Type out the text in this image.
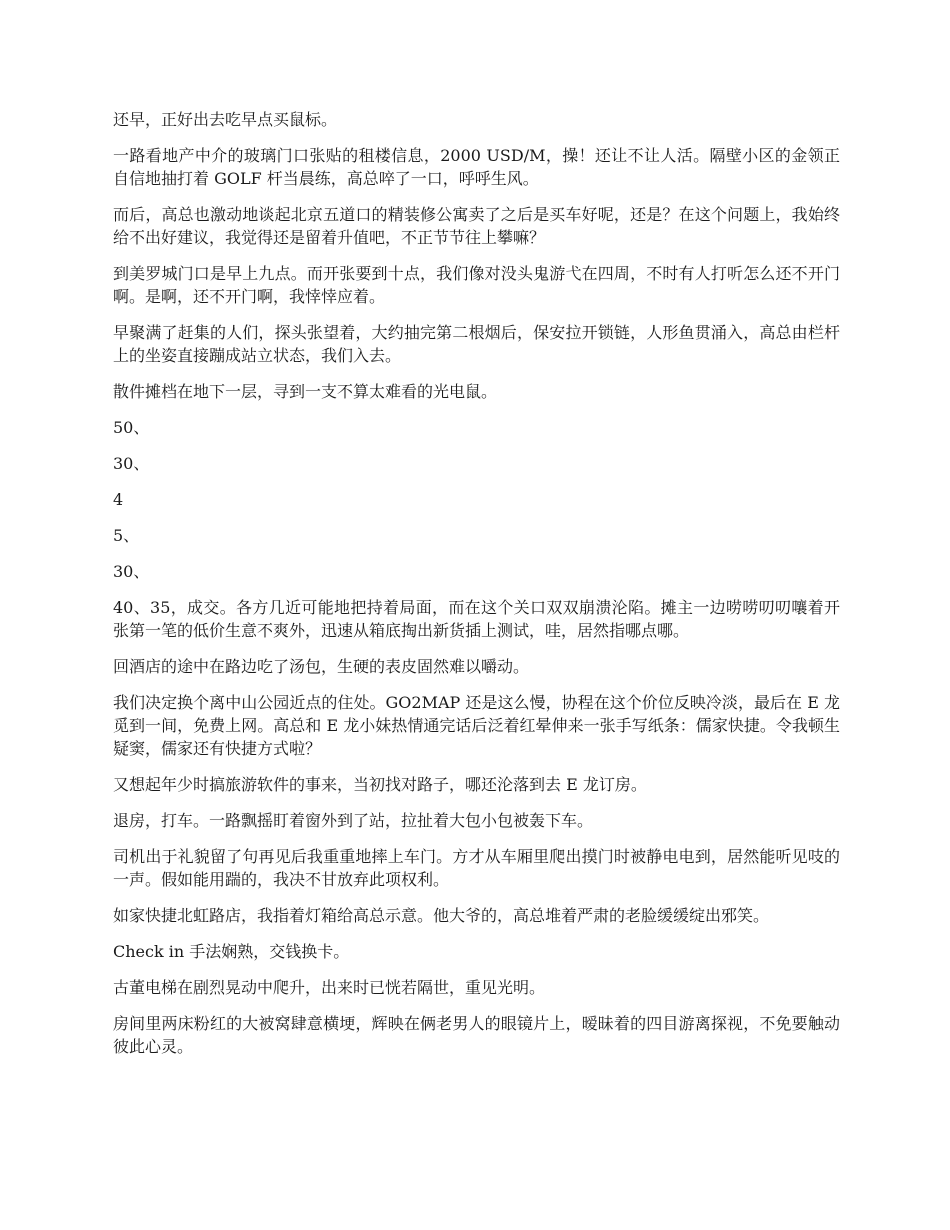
还早，正好出去吃早点买鼠标。

一路看地产中介的玻璃门口张贴的租楼信息，2000 USD/M，操！还让不让人活。隔壁小区的金领正自信地抽打着 GOLF 杆当晨练，高总啐了一口，呼呼生风。

而后，高总也激动地谈起北京五道口的精装修公寓卖了之后是买车好呢，还是？在这个问题上，我始终给不出好建议，我觉得还是留着升值吧，不正节节往上攀嘛？

到美罗城门口是早上九点。而开张要到十点，我们像对没头鬼游弋在四周，不时有人打听怎么还不开门啊。是啊，还不开门啊，我悻悻应着。

早聚满了赶集的人们，探头张望着，大约抽完第二根烟后，保安拉开锁链，人形鱼贯涌入，高总由栏杆上的坐姿直接蹦成站立状态，我们入去。

散件摊档在地下一层，寻到一支不算太难看的光电鼠。

50、

30、

4

5、

30、

40、35，成交。各方几近可能地把持着局面，而在这个关口双双崩溃沦陷。摊主一边唠唠叨叨嚷着开张第一笔的低价生意不爽外，迅速从箱底掏出新货插上测试，哇，居然指哪点哪。

回酒店的途中在路边吃了汤包，生硬的表皮固然难以嚼动。

我们决定换个离中山公园近点的住处。GO2MAP 还是这么慢，协程在这个价位反映冷淡，最后在 E 龙觅到一间，免费上网。高总和 E 龙小妹热情通完话后泛着红晕伸来一张手写纸条：儒家快捷。令我顿生疑窦，儒家还有快捷方式啦？

又想起年少时搞旅游软件的事来，当初找对路子，哪还沦落到去 E 龙订房。

退房，打车。一路飘摇盯着窗外到了站，拉扯着大包小包被轰下车。

司机出于礼貌留了句再见后我重重地摔上车门。方才从车厢里爬出摸门时被静电电到，居然能听见吱的一声。假如能用踹的，我决不甘放弃此项权利。

如家快捷北虹路店，我指着灯箱给高总示意。他大爷的，高总堆着严肃的老脸缓缓绽出邪笑。

Check in 手法娴熟，交钱换卡。

古董电梯在剧烈晃动中爬升，出来时已恍若隔世，重见光明。

房间里两床粉红的大被窝肆意横埂，辉映在俩老男人的眼镜片上，暧昧着的四目游离探视，不免要触动彼此心灵。
